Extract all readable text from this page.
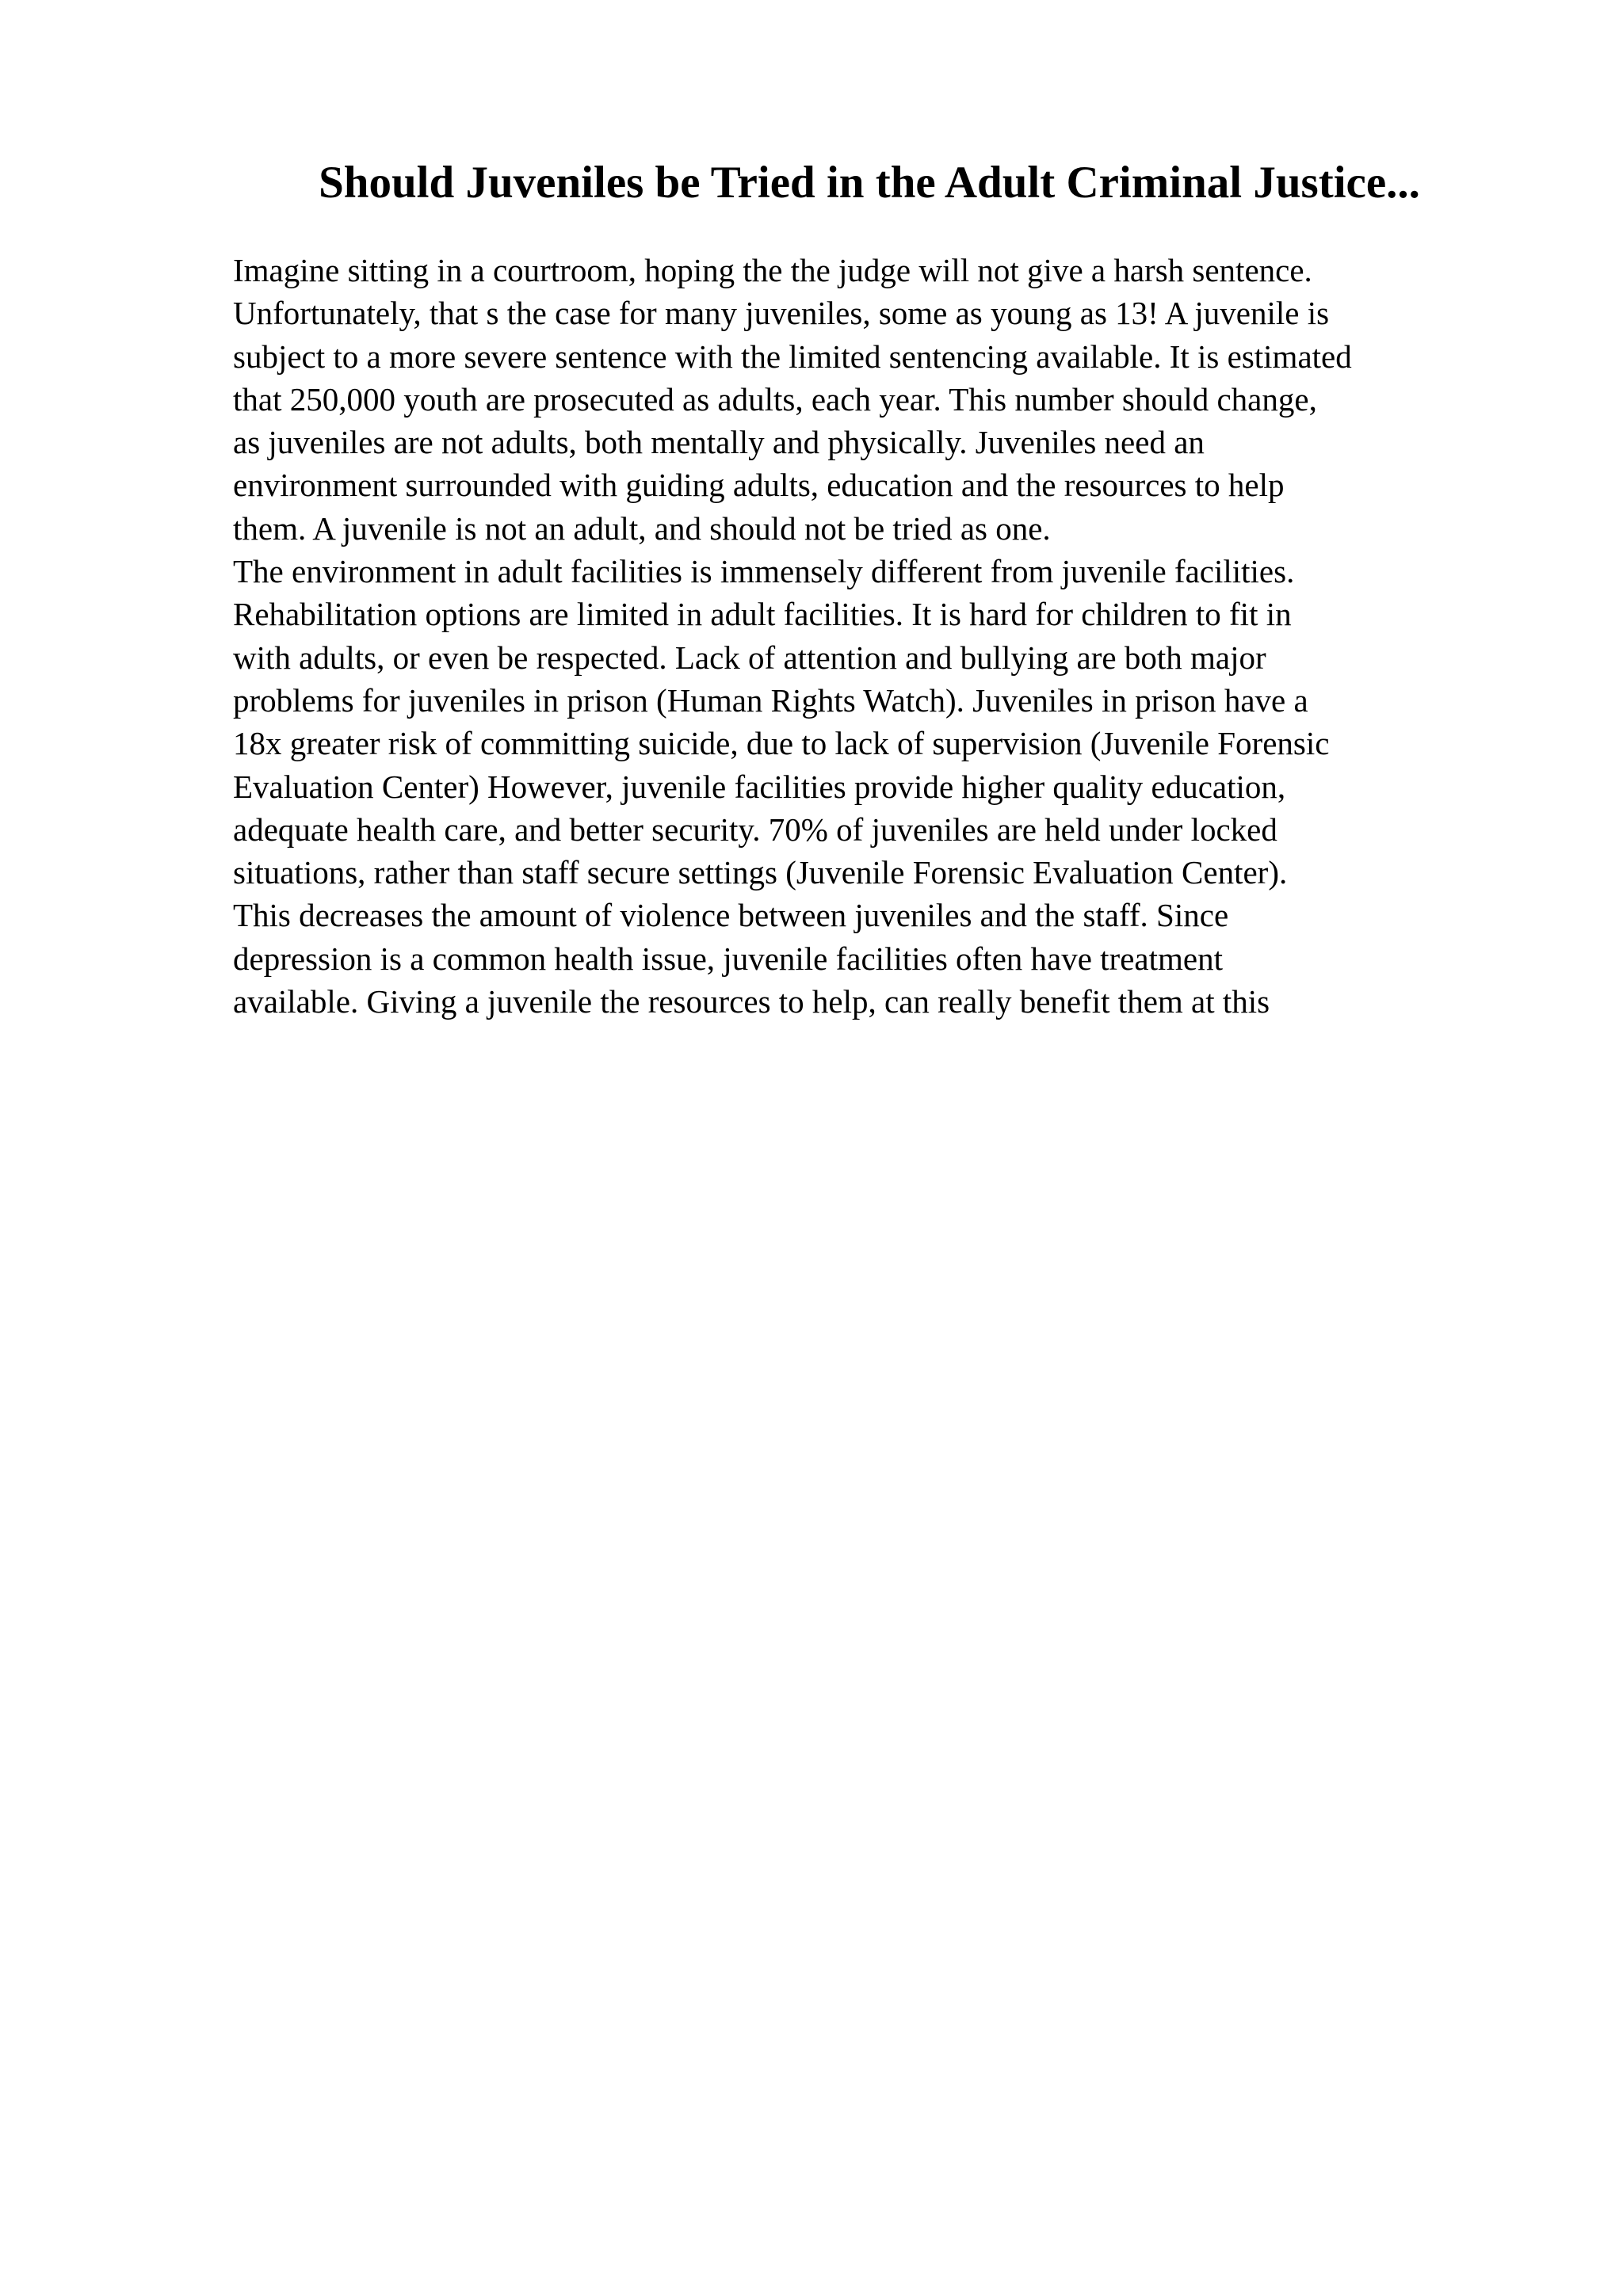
Should Juveniles be Tried in the Adult Criminal Justice...
Imagine sitting in a courtroom, hoping the the judge will not give a harsh sentence.
Unfortunately, that s the case for many juveniles, some as young as 13! A juvenile is
subject to a more severe sentence with the limited sentencing available. It is estimated
that 250,000 youth are prosecuted as adults, each year. This number should change,
as juveniles are not adults, both mentally and physically. Juveniles need an
environment surrounded with guiding adults, education and the resources to help
them. A juvenile is not an adult, and should not be tried as one.
The environment in adult facilities is immensely different from juvenile facilities.
Rehabilitation options are limited in adult facilities. It is hard for children to fit in
with adults, or even be respected. Lack of attention and bullying are both major
problems for juveniles in prison (Human Rights Watch). Juveniles in prison have a
18x greater risk of committing suicide, due to lack of supervision (Juvenile Forensic
Evaluation Center) However, juvenile facilities provide higher quality education,
adequate health care, and better security. 70% of juveniles are held under locked
situations, rather than staff secure settings (Juvenile Forensic Evaluation Center).
This decreases the amount of violence between juveniles and the staff. Since
depression is a common health issue, juvenile facilities often have treatment
available. Giving a juvenile the resources to help, can really benefit them at this
